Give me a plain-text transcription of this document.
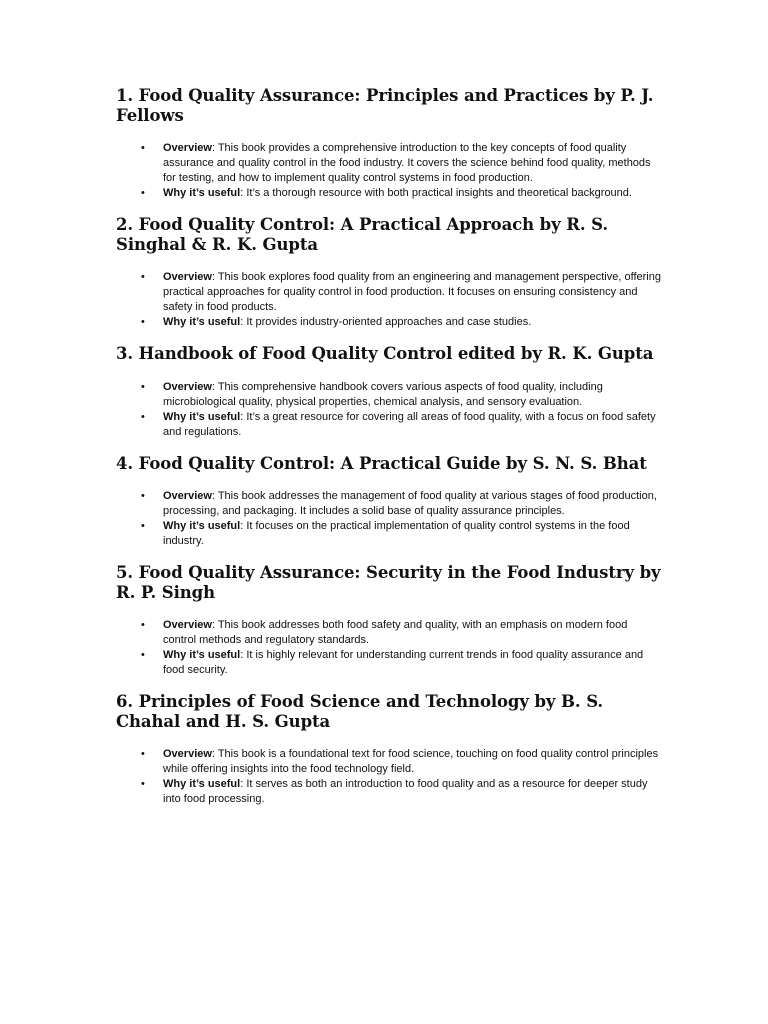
1. Food Quality Assurance: Principles and Practices by P. J. Fellows
• Overview: This book provides a comprehensive introduction to the key concepts of food quality assurance and quality control in the food industry. It covers the science behind food quality, methods for testing, and how to implement quality control systems in food production.
• Why it’s useful: It’s a thorough resource with both practical insights and theoretical background.
2. Food Quality Control: A Practical Approach by R. S. Singhal & R. K. Gupta
• Overview: This book explores food quality from an engineering and management perspective, offering practical approaches for quality control in food production. It focuses on ensuring consistency and safety in food products.
• Why it’s useful: It provides industry-oriented approaches and case studies.
3. Handbook of Food Quality Control edited by R. K. Gupta
• Overview: This comprehensive handbook covers various aspects of food quality, including microbiological quality, physical properties, chemical analysis, and sensory evaluation.
• Why it’s useful: It’s a great resource for covering all areas of food quality, with a focus on food safety and regulations.
4. Food Quality Control: A Practical Guide by S. N. S. Bhat
• Overview: This book addresses the management of food quality at various stages of food production, processing, and packaging. It includes a solid base of quality assurance principles.
• Why it’s useful: It focuses on the practical implementation of quality control systems in the food industry.
5. Food Quality Assurance: Security in the Food Industry by R. P. Singh
• Overview: This book addresses both food safety and quality, with an emphasis on modern food control methods and regulatory standards.
• Why it’s useful: It is highly relevant for understanding current trends in food quality assurance and food security.
6. Principles of Food Science and Technology by B. S. Chahal and H. S. Gupta
• Overview: This book is a foundational text for food science, touching on food quality control principles while offering insights into the food technology field.
• Why it’s useful: It serves as both an introduction to food quality and as a resource for deeper study into food processing.
